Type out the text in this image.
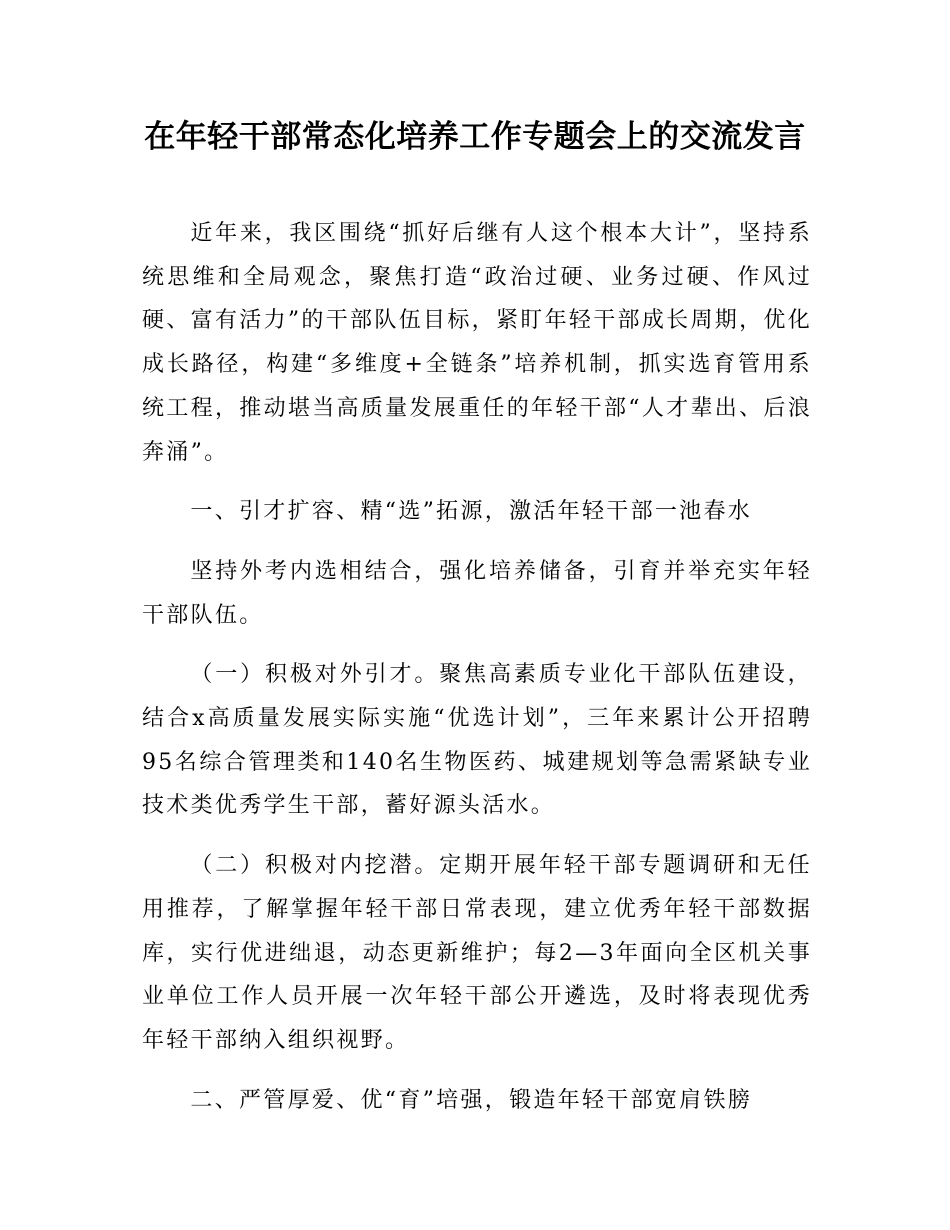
在年轻干部常态化培养工作专题会上的交流发言

近年来，我区围绕“抓好后继有人这个根本大计”，坚持系统思维和全局观念，聚焦打造“政治过硬、业务过硬、作风过硬、富有活力”的干部队伍目标，紧盯年轻干部成长周期，优化成长路径，构建“多维度+全链条”培养机制，抓实选育管用系统工程，推动堪当高质量发展重任的年轻干部“人才辈出、后浪奔涌”。

一、引才扩容、精“选”拓源，激活年轻干部一池春水

坚持外考内选相结合，强化培养储备，引育并举充实年轻干部队伍。

（一）积极对外引才。聚焦高素质专业化干部队伍建设，结合x高质量发展实际实施“优选计划”，三年来累计公开招聘95名综合管理类和140名生物医药、城建规划等急需紧缺专业技术类优秀学生干部，蓄好源头活水。

（二）积极对内挖潜。定期开展年轻干部专题调研和无任用推荐，了解掌握年轻干部日常表现，建立优秀年轻干部数据库，实行优进绌退，动态更新维护；每2—3年面向全区机关事业单位工作人员开展一次年轻干部公开遴选，及时将表现优秀年轻干部纳入组织视野。

二、严管厚爱、优“育”培强，锻造年轻干部宽肩铁膀
